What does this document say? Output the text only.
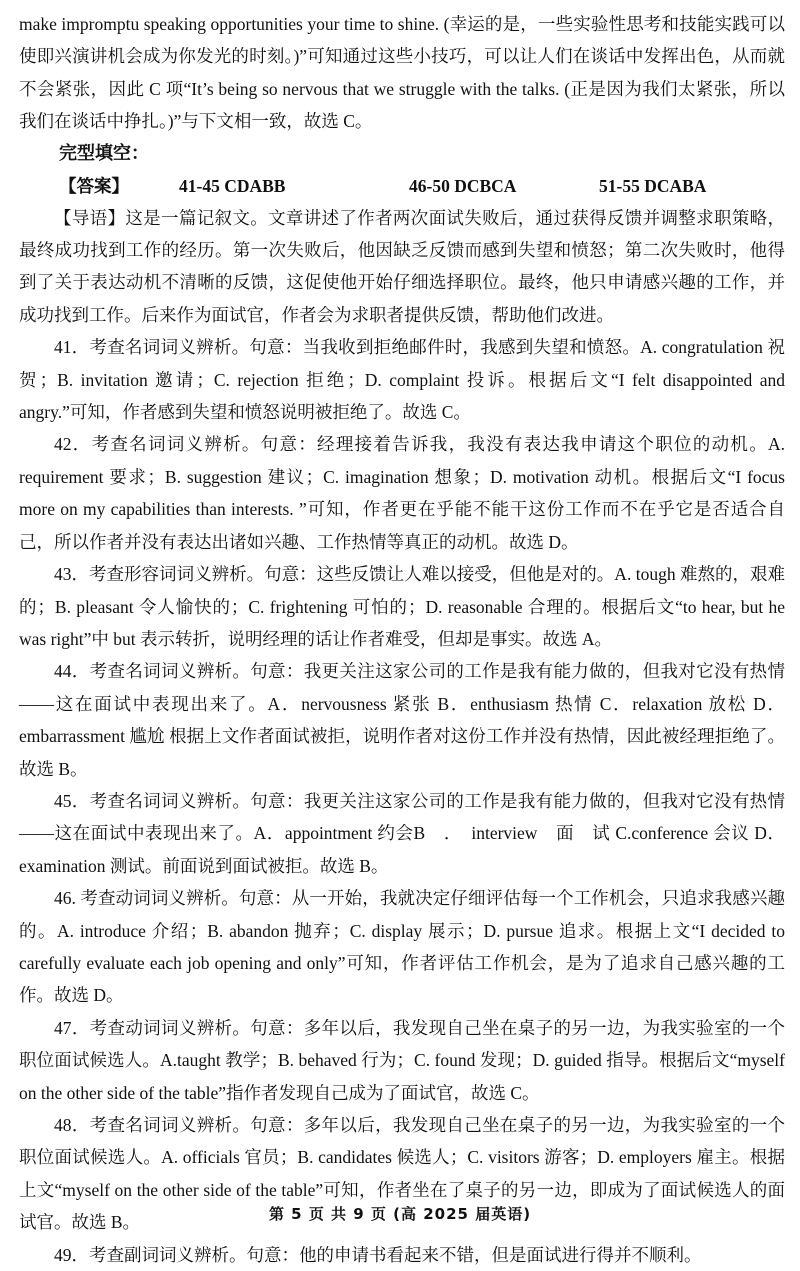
make impromptu speaking opportunities your time to shine. (幸运的是，一些实验性思考和技能实践可以使即兴演讲机会成为你发光的时刻。)”可知通过这些小技巧，可以让人们在谈话中发挥出色，从而就不会紧张，因此 C 项“It’s being so nervous that we struggle with the talks. (正是因为我们太紧张，所以我们在谈话中挣扎。)”与下文相一致，故选 C。

完型填空：
【答案】	41-45 CDABB	46-50 DCBCA	51-55 DCABA

【导语】这是一篇记叙文。文章讲述了作者两次面试失败后，通过获得反馈并调整求职策略，最终成功找到工作的经历。第一次失败后，他因缺乏反馈而感到失望和愤怒；第二次失败时，他得到了关于表达动机不清晰的反馈，这促使他开始仔细选择职位。最终，他只申请感兴趣的工作，并成功找到工作。后来作为面试官，作者会为求职者提供反馈，帮助他们改进。

41．考查名词词义辨析。句意：当我收到拒绝邮件时，我感到失望和愤怒。A. congratulation 祝贺；B. invitation 邀请；C. rejection 拒绝；D. complaint 投诉。根据后文“I felt disappointed and angry.”可知，作者感到失望和愤怒说明被拒绝了。故选 C。

42．考查名词词义辨析。句意：经理接着告诉我，我没有表达我申请这个职位的动机。A. requirement 要求；B. suggestion 建议；C. imagination 想象；D. motivation 动机。根据后文“I focus more on my capabilities than interests. ”可知，作者更在乎能不能干这份工作而不在乎它是否适合自己，所以作者并没有表达出诸如兴趣、工作热情等真正的动机。故选 D。

43．考查形容词词义辨析。句意：这些反馈让人难以接受，但他是对的。A. tough 难熬的，艰难的；B. pleasant 令人愉快的；C. frightening 可怕的；D. reasonable 合理的。根据后文“to hear, but he was right”中 but 表示转折，说明经理的话让作者难受，但却是事实。故选 A。

44．考查名词词义辨析。句意：我更关注这家公司的工作是我有能力做的，但我对它没有热情——这在面试中表现出来了。A．nervousness 紧张 B．enthusiasm 热情 C．relaxation 放松 D．embarrassment 尴尬 根据上文作者面试被拒，说明作者对这份工作并没有热情，因此被经理拒绝了。故选 B。

45．考查名词词义辨析。句意：我更关注这家公司的工作是我有能力做的，但我对它没有热情——这在面试中表现出来了。A．appointment 约会B　．　interview　面　试 C.conference 会议 D．examination 测试。前面说到面试被拒。故选 B。

46. 考查动词词义辨析。句意：从一开始，我就决定仔细评估每一个工作机会，只追求我感兴趣的。A. introduce 介绍；B. abandon 抛弃；C. display 展示；D. pursue 追求。根据上文“I decided to carefully evaluate each job opening and only”可知，作者评估工作机会，是为了追求自己感兴趣的工作。故选 D。

47．考查动词词义辨析。句意：多年以后，我发现自己坐在桌子的另一边，为我实验室的一个职位面试候选人。A.taught 教学；B. behaved 行为；C. found 发现；D. guided 指导。根据后文“myself on the other side of the table”指作者发现自己成为了面试官，故选 C。

48．考查名词词义辨析。句意：多年以后，我发现自己坐在桌子的另一边，为我实验室的一个职位面试候选人。A. officials 官员；B. candidates 候选人；C. visitors 游客；D. employers 雇主。根据上文“myself on the other side of the table”可知，作者坐在了桌子的另一边，即成为了面试候选人的面试官。故选 B。

49．考查副词词义辨析。句意：他的申请书看起来不错，但是面试进行得并不顺利。

第 5 页 共 9 页 (高 2025 届英语)
